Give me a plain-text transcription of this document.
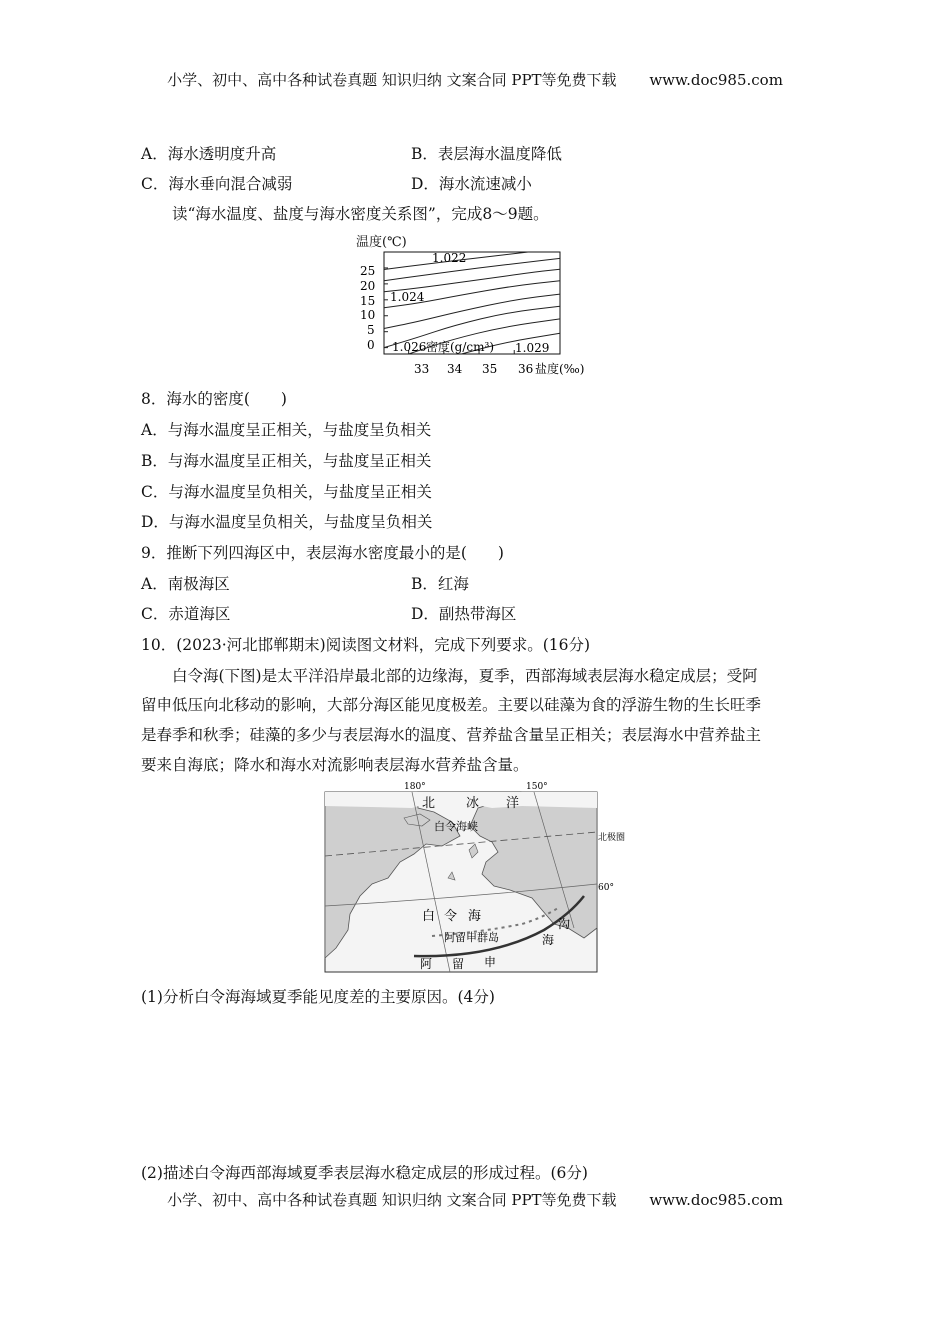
小学、初中、高中各种试卷真题 知识归纳 文案合同 PPT等免费下载 www.doc985.com
A．海水透明度升高	B．表层海水温度降低
C．海水垂向混合减弱	D．海水流速减小
读“海水温度、盐度与海水密度关系图”，完成8～9题。
温度(℃)
25
20
15
10
5
0
1.022
1.024
1.026	1.029
密度(g/cm³)
33 34 35 36 盐度(‰)
8．海水的密度(　　)
A．与海水温度呈正相关，与盐度呈负相关
B．与海水温度呈正相关，与盐度呈正相关
C．与海水温度呈负相关，与盐度呈正相关
D．与海水温度呈负相关，与盐度呈负相关
9．推断下列四海区中，表层海水密度最小的是(　　)
A．南极海区	B．红海
C．赤道海区	D．副热带海区
10．(2023·河北邯郸期末)阅读图文材料，完成下列要求。(16分)
白令海(下图)是太平洋沿岸最北部的边缘海，夏季，西部海域表层海水稳定成层；受阿
留申低压向北移动的影响，大部分海区能见度极差。主要以硅藻为食的浮游生物的生长旺季
是春季和秋季；硅藻的多少与表层海水的温度、营养盐含量呈正相关；表层海水中营养盐主
要来自海底；降水和海水对流影响表层海水营养盐含量。
180°	150°
北 冰 洋
白令海峡
北极圈
60°
白 令 海
阿留申群岛
阿 留 申
海
沟
(1)分析白令海海域夏季能见度差的主要原因。(4分)
(2)描述白令海西部海域夏季表层海水稳定成层的形成过程。(6分)
小学、初中、高中各种试卷真题 知识归纳 文案合同 PPT等免费下载 www.doc985.com
